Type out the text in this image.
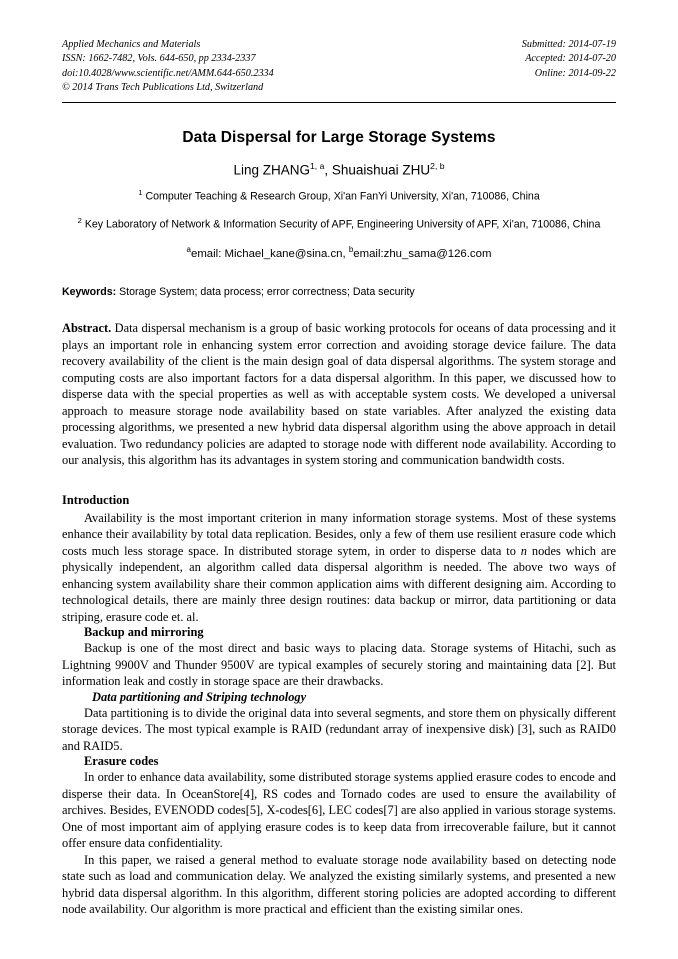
Applied Mechanics and Materials
ISSN: 1662-7482, Vols. 644-650, pp 2334-2337
doi:10.4028/www.scientific.net/AMM.644-650.2334
© 2014 Trans Tech Publications Ltd, Switzerland
Submitted: 2014-07-19
Accepted: 2014-07-20
Online: 2014-09-22
Data Dispersal for Large Storage Systems
Ling ZHANG$^{1, a}$, Shuaishuai ZHU$^{2, b}$
$^1$ Computer Teaching & Research Group, Xi'an FanYi University, Xi'an, 710086, China
$^2$ Key Laboratory of Network & Information Security of APF, Engineering University of APF, Xi'an, 710086, China
$^a$email: Michael_kane@sina.cn, $^b$email:zhu_sama@126.com
Keywords: Storage System; data process; error correctness; Data security
Abstract. Data dispersal mechanism is a group of basic working protocols for oceans of data processing and it plays an important role in enhancing system error correction and avoiding storage device failure. The data recovery availability of the client is the main design goal of data dispersal algorithms. The system storage and computing costs are also important factors for a data dispersal algorithm. In this paper, we discussed how to disperse data with the special properties as well as with acceptable system costs. We developed a universal approach to measure storage node availability based on state variables. After analyzed the existing data processing algorithms, we presented a new hybrid data dispersal algorithm using the above approach in detail evaluation. Two redundancy policies are adapted to storage node with different node availability. According to our analysis, this algorithm has its advantages in system storing and communication bandwidth costs.
Introduction

Availability is the most important criterion in many information storage systems. Most of these systems enhance their availability by total data replication. Besides, only a few of them use resilient erasure code which costs much less storage space. In distributed storage sytem, in order to disperse data to n nodes which are physically independent, an algorithm called data dispersal algorithm is needed. The above two ways of enhancing system availability share their common application aims with different designing aim. According to technological details, there are mainly three design routines: data backup or mirror, data partitioning or data striping, erasure code et. al.

Backup and mirroring

Backup is one of the most direct and basic ways to placing data. Storage systems of Hitachi, such as Lightning 9900V and Thunder 9500V are typical examples of securely storing and maintaining data [2]. But information leak and costly in storage space are their drawbacks.

Data partitioning and Striping technology

Data partitioning is to divide the original data into several segments, and store them on physically different storage devices. The most typical example is RAID (redundant array of inexpensive disk) [3], such as RAID0 and RAID5.

Erasure codes

In order to enhance data availability, some distributed storage systems applied erasure codes to encode and disperse their data. In OceanStore[4], RS codes and Tornado codes are used to ensure the availability of archives. Besides, EVENODD codes[5], X-codes[6], LEC codes[7] are also applied in various storage systems. One of most important aim of applying erasure codes is to keep data from irrecoverable failure, but it cannot offer ensure data confidentiality.

In this paper, we raised a general method to evaluate storage node availability based on detecting node state such as load and communication delay. We analyzed the existing similarly systems, and presented a new hybrid data dispersal algorithm. In this algorithm, different storing policies are adopted according to different node availability. Our algorithm is more practical and efficient than the existing similar ones.
